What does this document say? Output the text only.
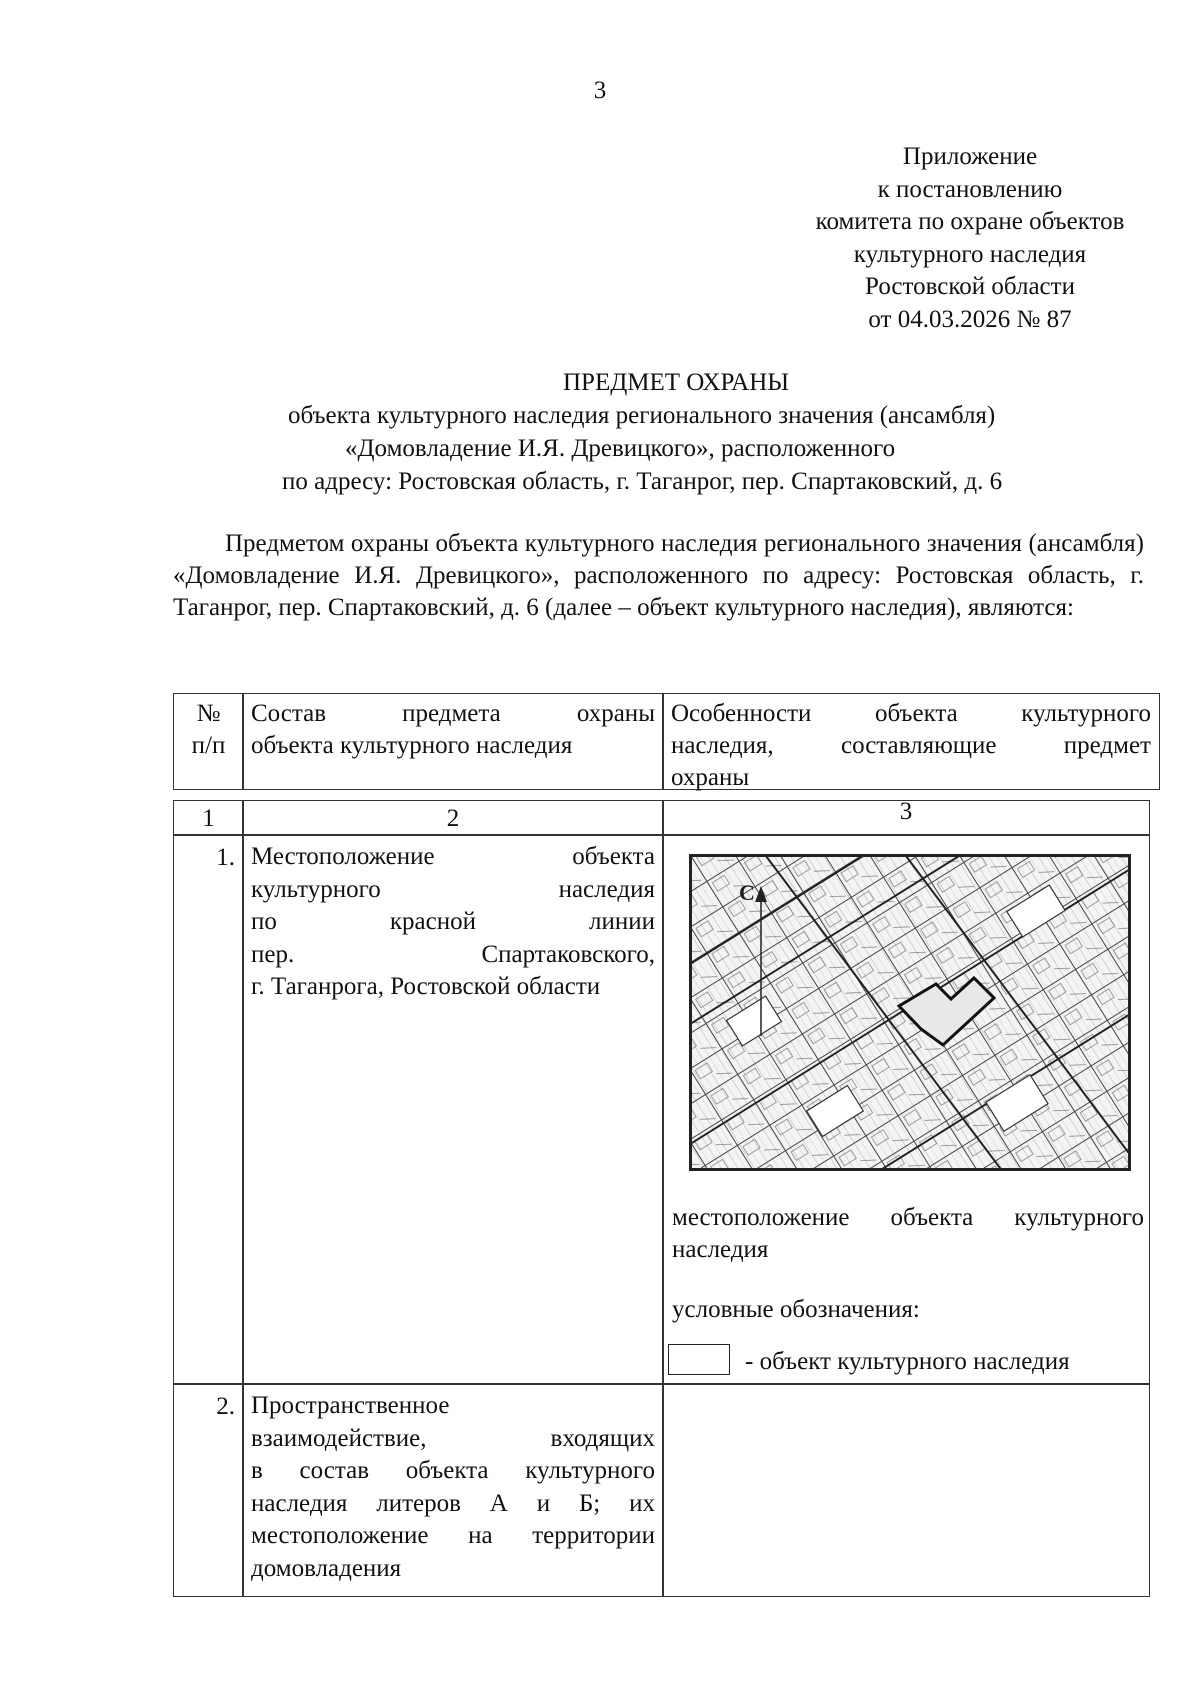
3
Приложение
к постановлению
комитета по охране объектов
культурного наследия
Ростовской области
от 04.03.2026 № 87
ПРЕДМЕТ ОХРАНЫ
объекта культурного наследия регионального значения (ансамбля)
«Домовладение И.Я. Древицкого», расположенного
по адресу: Ростовская область, г. Таганрог, пер. Спартаковский, д. 6
Предметом охраны объекта культурного наследия регионального значения (ансамбля) «Домовладение И.Я. Древицкого», расположенного по адресу: Ростовская область, г. Таганрог, пер. Спартаковский, д. 6 (далее – объект культурного наследия), являются:
№
п/п
Состав предмета охраны
объекта культурного наследия
Особенности объекта культурного
наследия, составляющие предмет
охраны
1	2	3
1. Местоположение объекта
культурного наследия
по красной линии
пер. Спартаковского,
г. Таганрога, Ростовской области
С
местоположение объекта культурного
наследия
условные обозначения:
- объект культурного наследия
2. Пространственное
взаимодействие, входящих
в состав объекта культурного
наследия литеров А и Б; их
местоположение на территории
домовладения
